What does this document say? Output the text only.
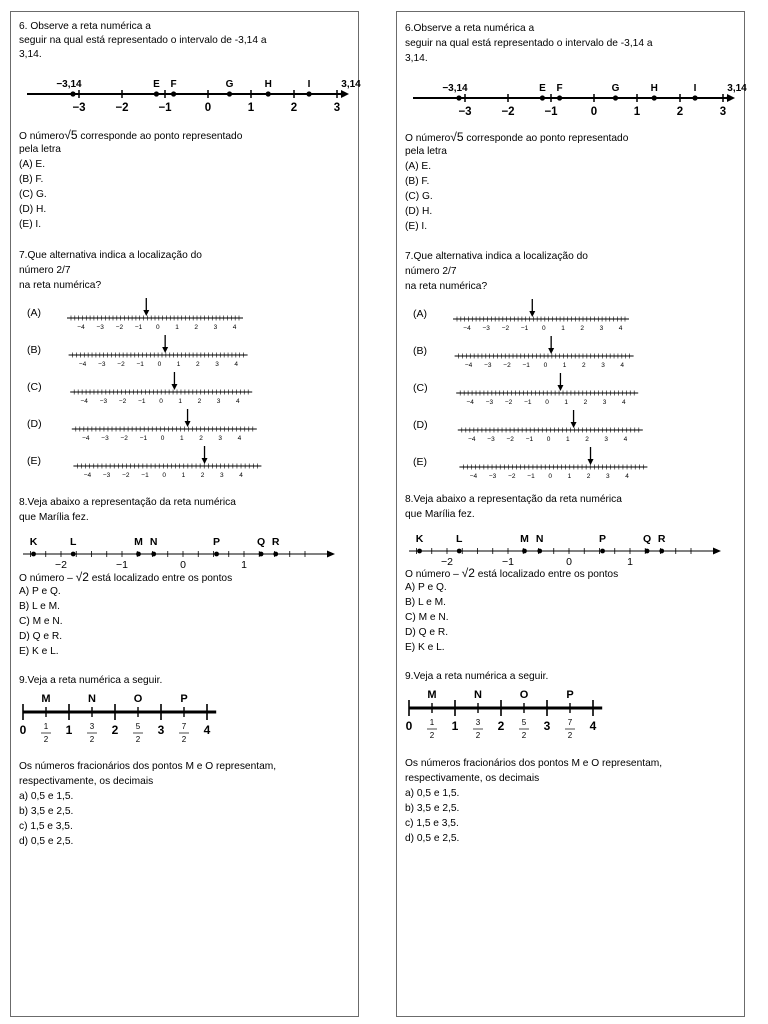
6. Observe a reta numérica a
seguir na qual está representado o intervalo de -3,14 a
3,14.
−3	−2	−1	0	1	2	3
−3,14	E F	G	H	I	3,14
O número√5 corresponde ao ponto representado
pela letra
(A) E.
(B) F.
(C) G.
(D) H.
(E) I.
7.Que alternativa indica a localização do
número 2/7
na reta numérica?
(A)
−4 −3 −2 −1 0 1 2 3 4
(B)
−4 −3 −2 −1 0 1 2 3 4
(C)
−4 −3 −2 −1 0 1 2 3 4
(D)
−4 −3 −2 −1 0 1 2 3 4
(E)
−4 −3 −2 −1 0 1 2 3 4
8.Veja abaixo a representação da reta numérica
que Marília fez.
−2	−1	0	1
K	L	M N	P	Q R
O número – √2 está localizado entre os pontos
A) P e Q.
B) L e M.
C) M e N.
D) Q e R.
E) K e L.
9.Veja a reta numérica a seguir.
0	1	2	3	4
M
1
2
N
3
2
O
5
2
P
7
2
Os números fracionários dos pontos M e O representam,
respectivamente, os decimais
a) 0,5 e 1,5.
b) 3,5 e 2,5.
c) 1,5 e 3,5.
d) 0,5 e 2,5.
6.Observe a reta numérica a
seguir na qual está representado o intervalo de -3,14 a
3,14.
−3	−2	−1	0	1	2	3
−3,14	E F	G	H	I	3,14
O número√5 corresponde ao ponto representado
pela letra
(A) E.
(B) F.
(C) G.
(D) H.
(E) I.
7.Que alternativa indica a localização do
número 2/7
na reta numérica?
(A)
−4 −3 −2 −1 0 1 2 3 4
(B)
−4 −3 −2 −1 0 1 2 3 4
(C)
−4 −3 −2 −1 0 1 2 3 4
(D)
−4 −3 −2 −1 0 1 2 3 4
(E)
−4 −3 −2 −1 0 1 2 3 4
8.Veja abaixo a representação da reta numérica
que Marília fez.
−2	−1	0	1
K	L	M N	P	Q R
O número – √2 está localizado entre os pontos
A) P e Q.
B) L e M.
C) M e N.
D) Q e R.
E) K e L.
9.Veja a reta numérica a seguir.
0	1	2	3	4
M
1
2
N
3
2
O
5
2
P
7
2
Os números fracionários dos pontos M e O representam,
respectivamente, os decimais
a) 0,5 e 1,5.
b) 3,5 e 2,5.
c) 1,5 e 3,5.
d) 0,5 e 2,5.
